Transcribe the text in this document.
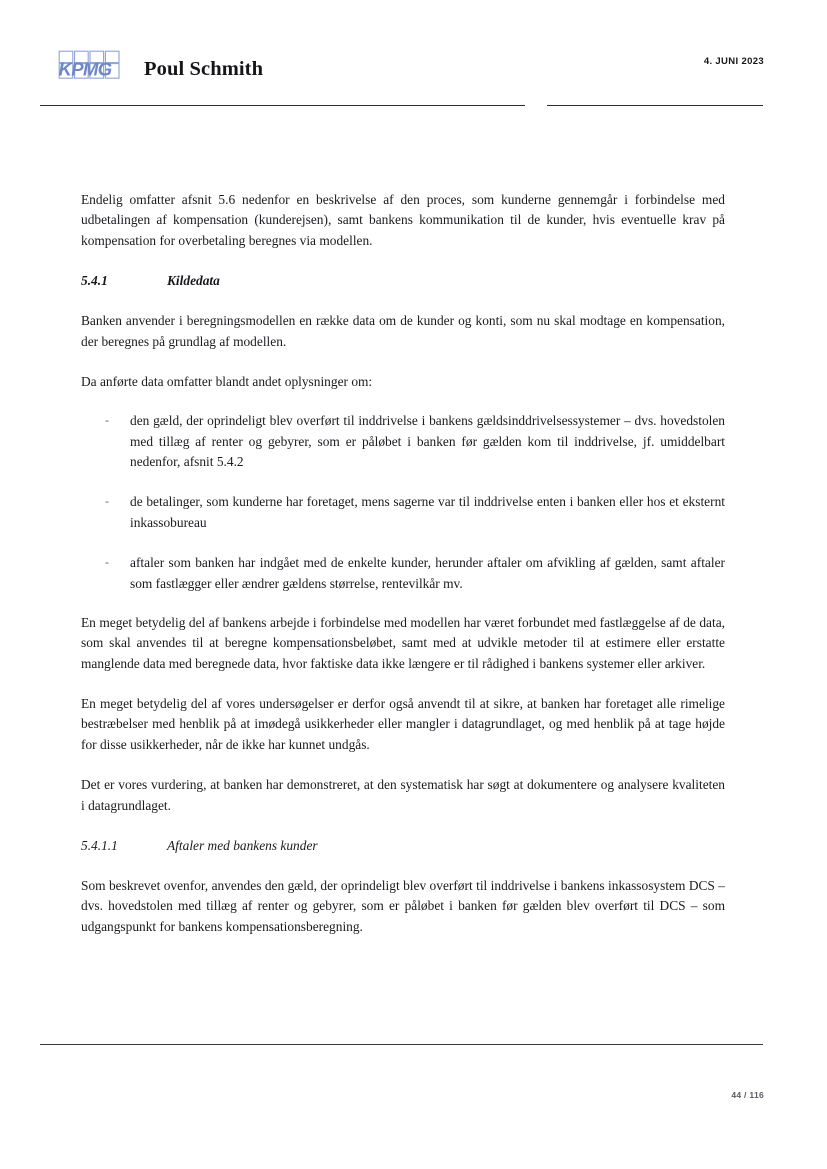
KPMG Poul Schmith	4. JUNI 2023

Endelig omfatter afsnit 5.6 nedenfor en beskrivelse af den proces, som kunderne gennemgår i forbindelse med udbetalingen af kompensation (kunderejsen), samt bankens kommunikation til de kunder, hvis eventuelle krav på kompensation for overbetaling beregnes via modellen.

5.4.1	Kildedata

Banken anvender i beregningsmodellen en række data om de kunder og konti, som nu skal modtage en kompensation, der beregnes på grundlag af modellen.

Da anførte data omfatter blandt andet oplysninger om:

- den gæld, der oprindeligt blev overført til inddrivelse i bankens gældsinddrivelsessystemer – dvs. hovedstolen med tillæg af renter og gebyrer, som er påløbet i banken før gælden kom til inddrivelse, jf. umiddelbart nedenfor, afsnit 5.4.2
- de betalinger, som kunderne har foretaget, mens sagerne var til inddrivelse enten i banken eller hos et eksternt inkassobureau
- aftaler som banken har indgået med de enkelte kunder, herunder aftaler om afvikling af gælden, samt aftaler som fastlægger eller ændrer gældens størrelse, rentevilkår mv.

En meget betydelig del af bankens arbejde i forbindelse med modellen har været forbundet med fastlæggelse af de data, som skal anvendes til at beregne kompensationsbeløbet, samt med at udvikle metoder til at estimere eller erstatte manglende data med beregnede data, hvor faktiske data ikke længere er til rådighed i bankens systemer eller arkiver.

En meget betydelig del af vores undersøgelser er derfor også anvendt til at sikre, at banken har foretaget alle rimelige bestræbelser med henblik på at imødegå usikkerheder eller mangler i datagrundlaget, og med henblik på at tage højde for disse usikkerheder, når de ikke har kunnet undgås.

Det er vores vurdering, at banken har demonstreret, at den systematisk har søgt at dokumentere og analysere kvaliteten i datagrundlaget.

5.4.1.1	Aftaler med bankens kunder

Som beskrevet ovenfor, anvendes den gæld, der oprindeligt blev overført til inddrivelse i bankens inkassosystem DCS – dvs. hovedstolen med tillæg af renter og gebyrer, som er påløbet i banken før gælden blev overført til DCS – som udgangspunkt for bankens kompensationsberegning.

44 / 116
